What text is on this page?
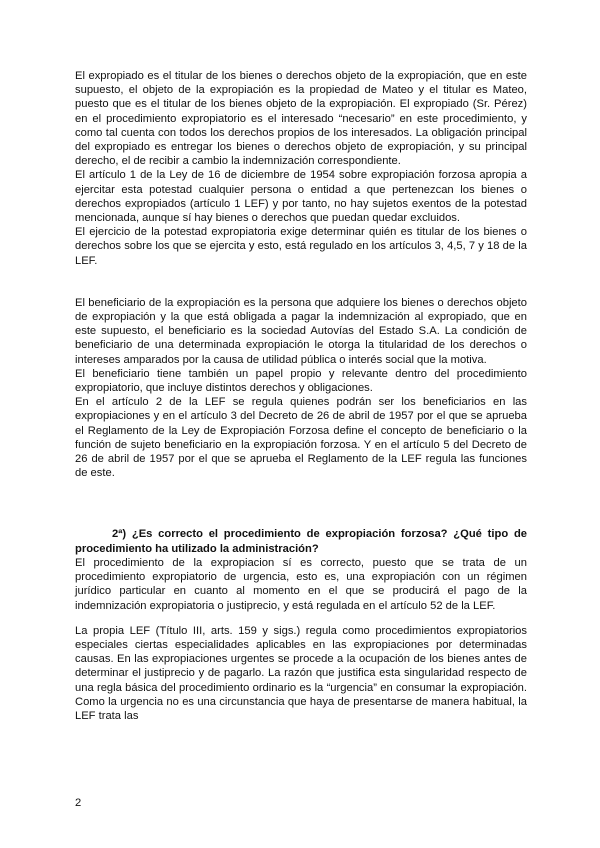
El expropiado es el titular de los bienes o derechos objeto de la expropiación, que en este supuesto, el objeto de la expropiación es la propiedad de Mateo y el titular es Mateo, puesto que es el titular de los bienes objeto de la expropiación. El expropiado (Sr. Pérez) en el procedimiento expropiatorio es el interesado “necesario” en este procedimiento, y como tal cuenta con todos los derechos propios de los interesados. La obligación principal del expropiado es entregar los bienes o derechos objeto de expropiación, y su principal derecho, el de recibir a cambio la indemnización correspondiente.

El artículo 1 de la Ley de 16 de diciembre de 1954 sobre expropiación forzosa apropia a ejercitar esta potestad cualquier persona o entidad a que pertenezcan los bienes o derechos expropiados (artículo 1 LEF) y por tanto, no hay sujetos exentos de la potestad mencionada, aunque sí hay bienes o derechos que puedan quedar excluidos.

El ejercicio de la potestad expropiatoria exige determinar quién es titular de los bienes o derechos sobre los que se ejercita y esto, está regulado en los artículos 3, 4,5, 7 y 18 de la LEF.

El beneficiario de la expropiación es la persona que adquiere los bienes o derechos objeto de expropiación y la que está obligada a pagar la indemnización al expropiado, que en este supuesto, el beneficiario es la sociedad Autovías del Estado S.A. La condición de beneficiario de una determinada expropiación le otorga la titularidad de los derechos o intereses amparados por la causa de utilidad pública o interés social que la motiva.

El beneficiario tiene también un papel propio y relevante dentro del procedimiento expropiatorio, que incluye distintos derechos y obligaciones.

En el artículo 2 de la LEF se regula quienes podrán ser los beneficiarios en las expropiaciones y en el artículo 3 del Decreto de 26 de abril de 1957 por el que se aprueba el Reglamento de la Ley de Expropiación Forzosa define el concepto de beneficiario o la función de sujeto beneficiario en la expropiación forzosa. Y en el artículo 5 del Decreto de 26 de abril de 1957 por el que se aprueba el Reglamento de la LEF regula las funciones de este.

2ª) ¿Es correcto el procedimiento de expropiación forzosa? ¿Qué tipo de procedimiento ha utilizado la administración?

El procedimiento de la expropiacion sí es correcto, puesto que se trata de un procedimiento expropiatorio de urgencia, esto es, una expropiación con un régimen jurídico particular en cuanto al momento en el que se producirá el pago de la indemnización expropiatoria o justiprecio, y está regulada en el artículo 52 de la LEF.

La propia LEF (Título III, arts. 159 y sigs.) regula como procedimientos expropiatorios especiales ciertas especialidades aplicables en las expropiaciones por determinadas causas. En las expropiaciones urgentes se procede a la ocupación de los bienes antes de determinar el justiprecio y de pagarlo. La razón que justifica esta singularidad respecto de una regla básica del procedimiento ordinario es la “urgencia” en consumar la expropiación. Como la urgencia no es una circunstancia que haya de presentarse de manera habitual, la LEF trata las

2
